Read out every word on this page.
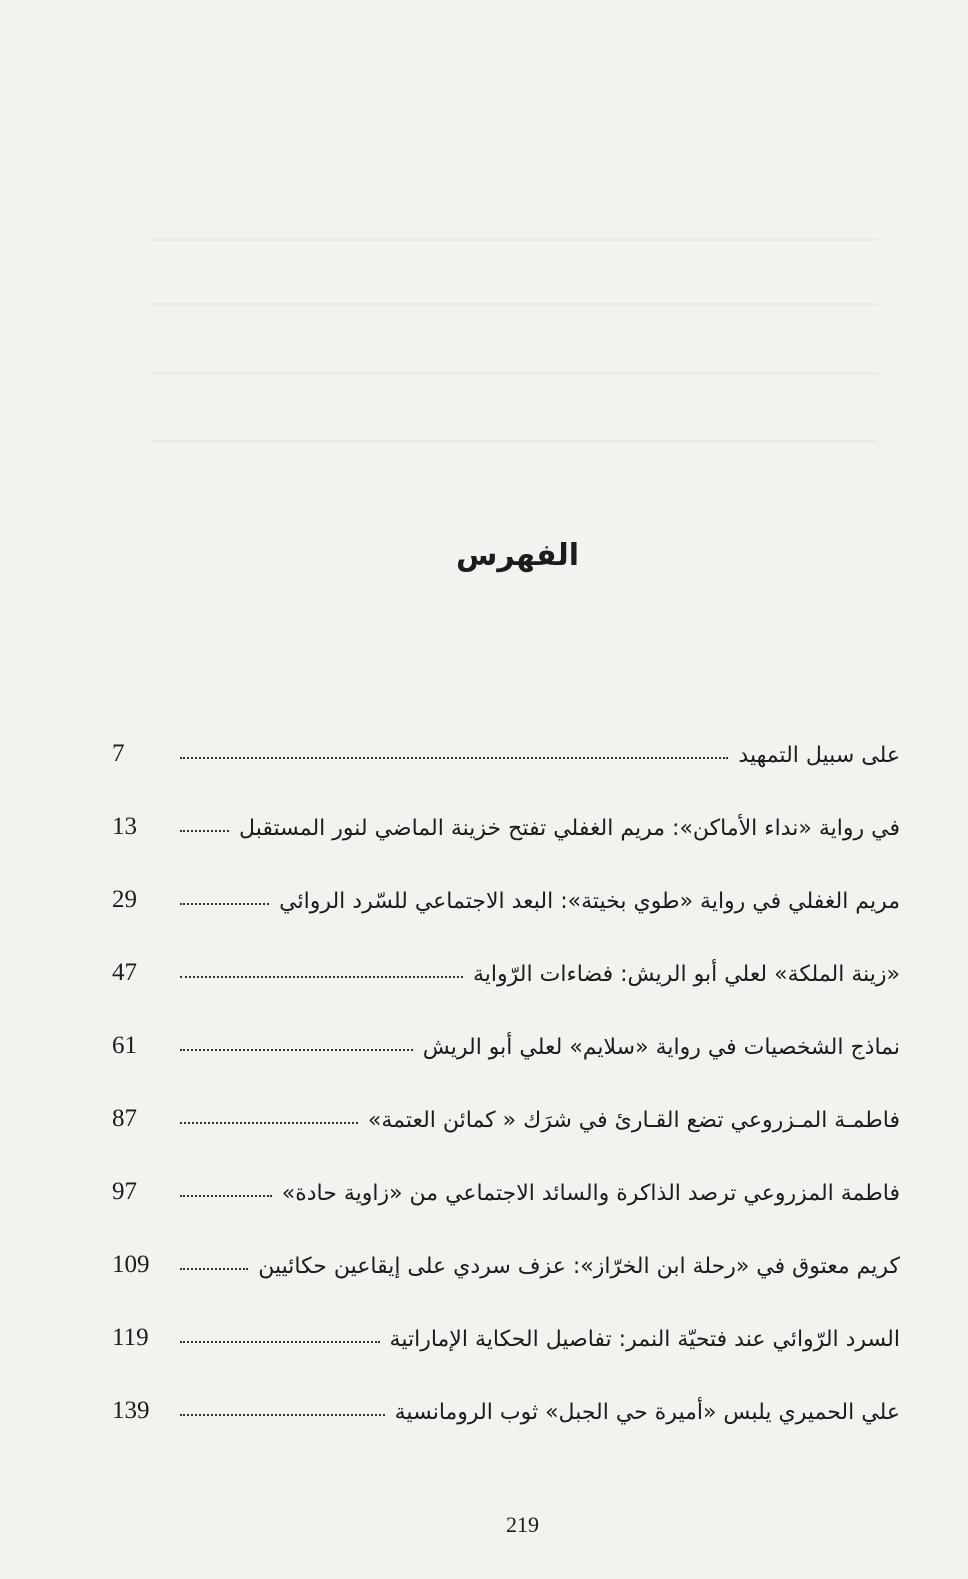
الفهرس
على سبيل التمهيد
7
في رواية «نداء الأماكن»: مريم الغفلي تفتح خزينة الماضي لنور المستقبل
13
مريم الغفلي في رواية «طوي بخيتة»: البعد الاجتماعي للسّرد الروائي
29
«زينة الملكة» لعلي أبو الريش: فضاءات الرّواية
47
نماذج الشخصيات في رواية «سلايم» لعلي أبو الريش
61
فاطمـة المـزروعي تضع القـارئ في شرَك « كمائن العتمة»
87
فاطمة المزروعي ترصد الذاكرة والسائد الاجتماعي من «زاوية حادة»
97
كريم معتوق في «رحلة ابن الخرّاز»: عزف سردي على إيقاعين حكائيين
109
السرد الرّوائي عند فتحيّة النمر: تفاصيل الحكاية الإماراتية
119
علي الحميري يلبس «أميرة حي الجبل» ثوب الرومانسية
139
219
